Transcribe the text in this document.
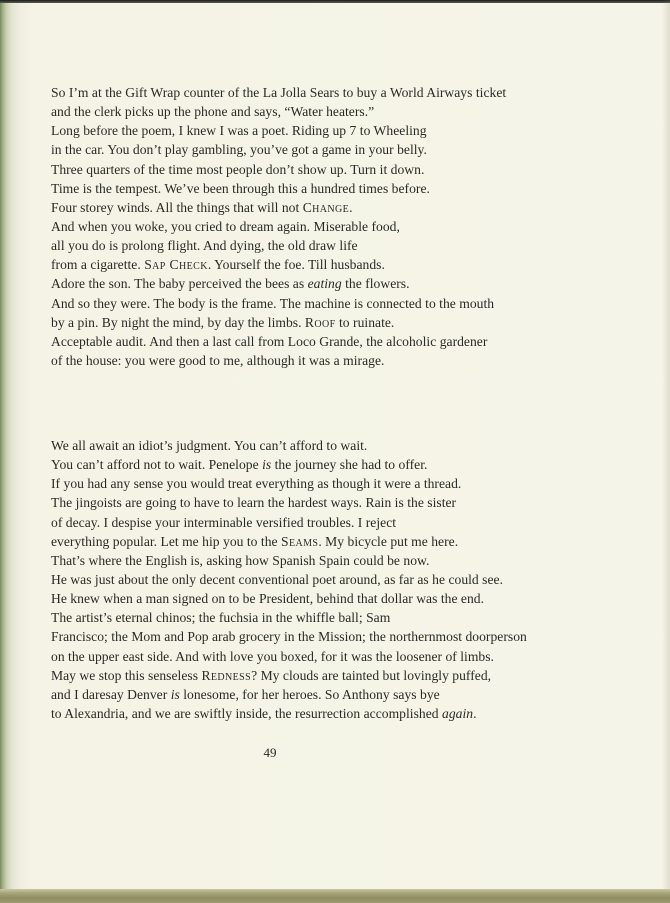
So I’m at the Gift Wrap counter of the La Jolla Sears to buy a World Airways ticket
and the clerk picks up the phone and says, “Water heaters.”
Long before the poem, I knew I was a poet. Riding up 7 to Wheeling
in the car. You don’t play gambling, you’ve got a game in your belly.
Three quarters of the time most people don’t show up. Turn it down.
Time is the tempest. We’ve been through this a hundred times before.
Four storey winds. All the things that will not Change.
And when you woke, you cried to dream again. Miserable food,
all you do is prolong flight. And dying, the old draw life
from a cigarette. Sap Check. Yourself the foe. Till husbands.
Adore the son. The baby perceived the bees as eating the flowers.
And so they were. The body is the frame. The machine is connected to the mouth
by a pin. By night the mind, by day the limbs. Roof to ruinate.
Acceptable audit. And then a last call from Loco Grande, the alcoholic gardener
of the house: you were good to me, although it was a mirage.
We all await an idiot’s judgment. You can’t afford to wait.
You can’t afford not to wait. Penelope is the journey she had to offer.
If you had any sense you would treat everything as though it were a thread.
The jingoists are going to have to learn the hardest ways. Rain is the sister
of decay. I despise your interminable versified troubles. I reject
everything popular. Let me hip you to the Seams. My bicycle put me here.
That’s where the English is, asking how Spanish Spain could be now.
He was just about the only decent conventional poet around, as far as he could see.
He knew when a man signed on to be President, behind that dollar was the end.
The artist’s eternal chinos; the fuchsia in the whiffle ball; Sam
Francisco; the Mom and Pop arab grocery in the Mission; the northernmost doorperson
on the upper east side. And with love you boxed, for it was the loosener of limbs.
May we stop this senseless Redness? My clouds are tainted but lovingly puffed,
and I daresay Denver is lonesome, for her heroes. So Anthony says bye
to Alexandria, and we are swiftly inside, the resurrection accomplished again.
49
